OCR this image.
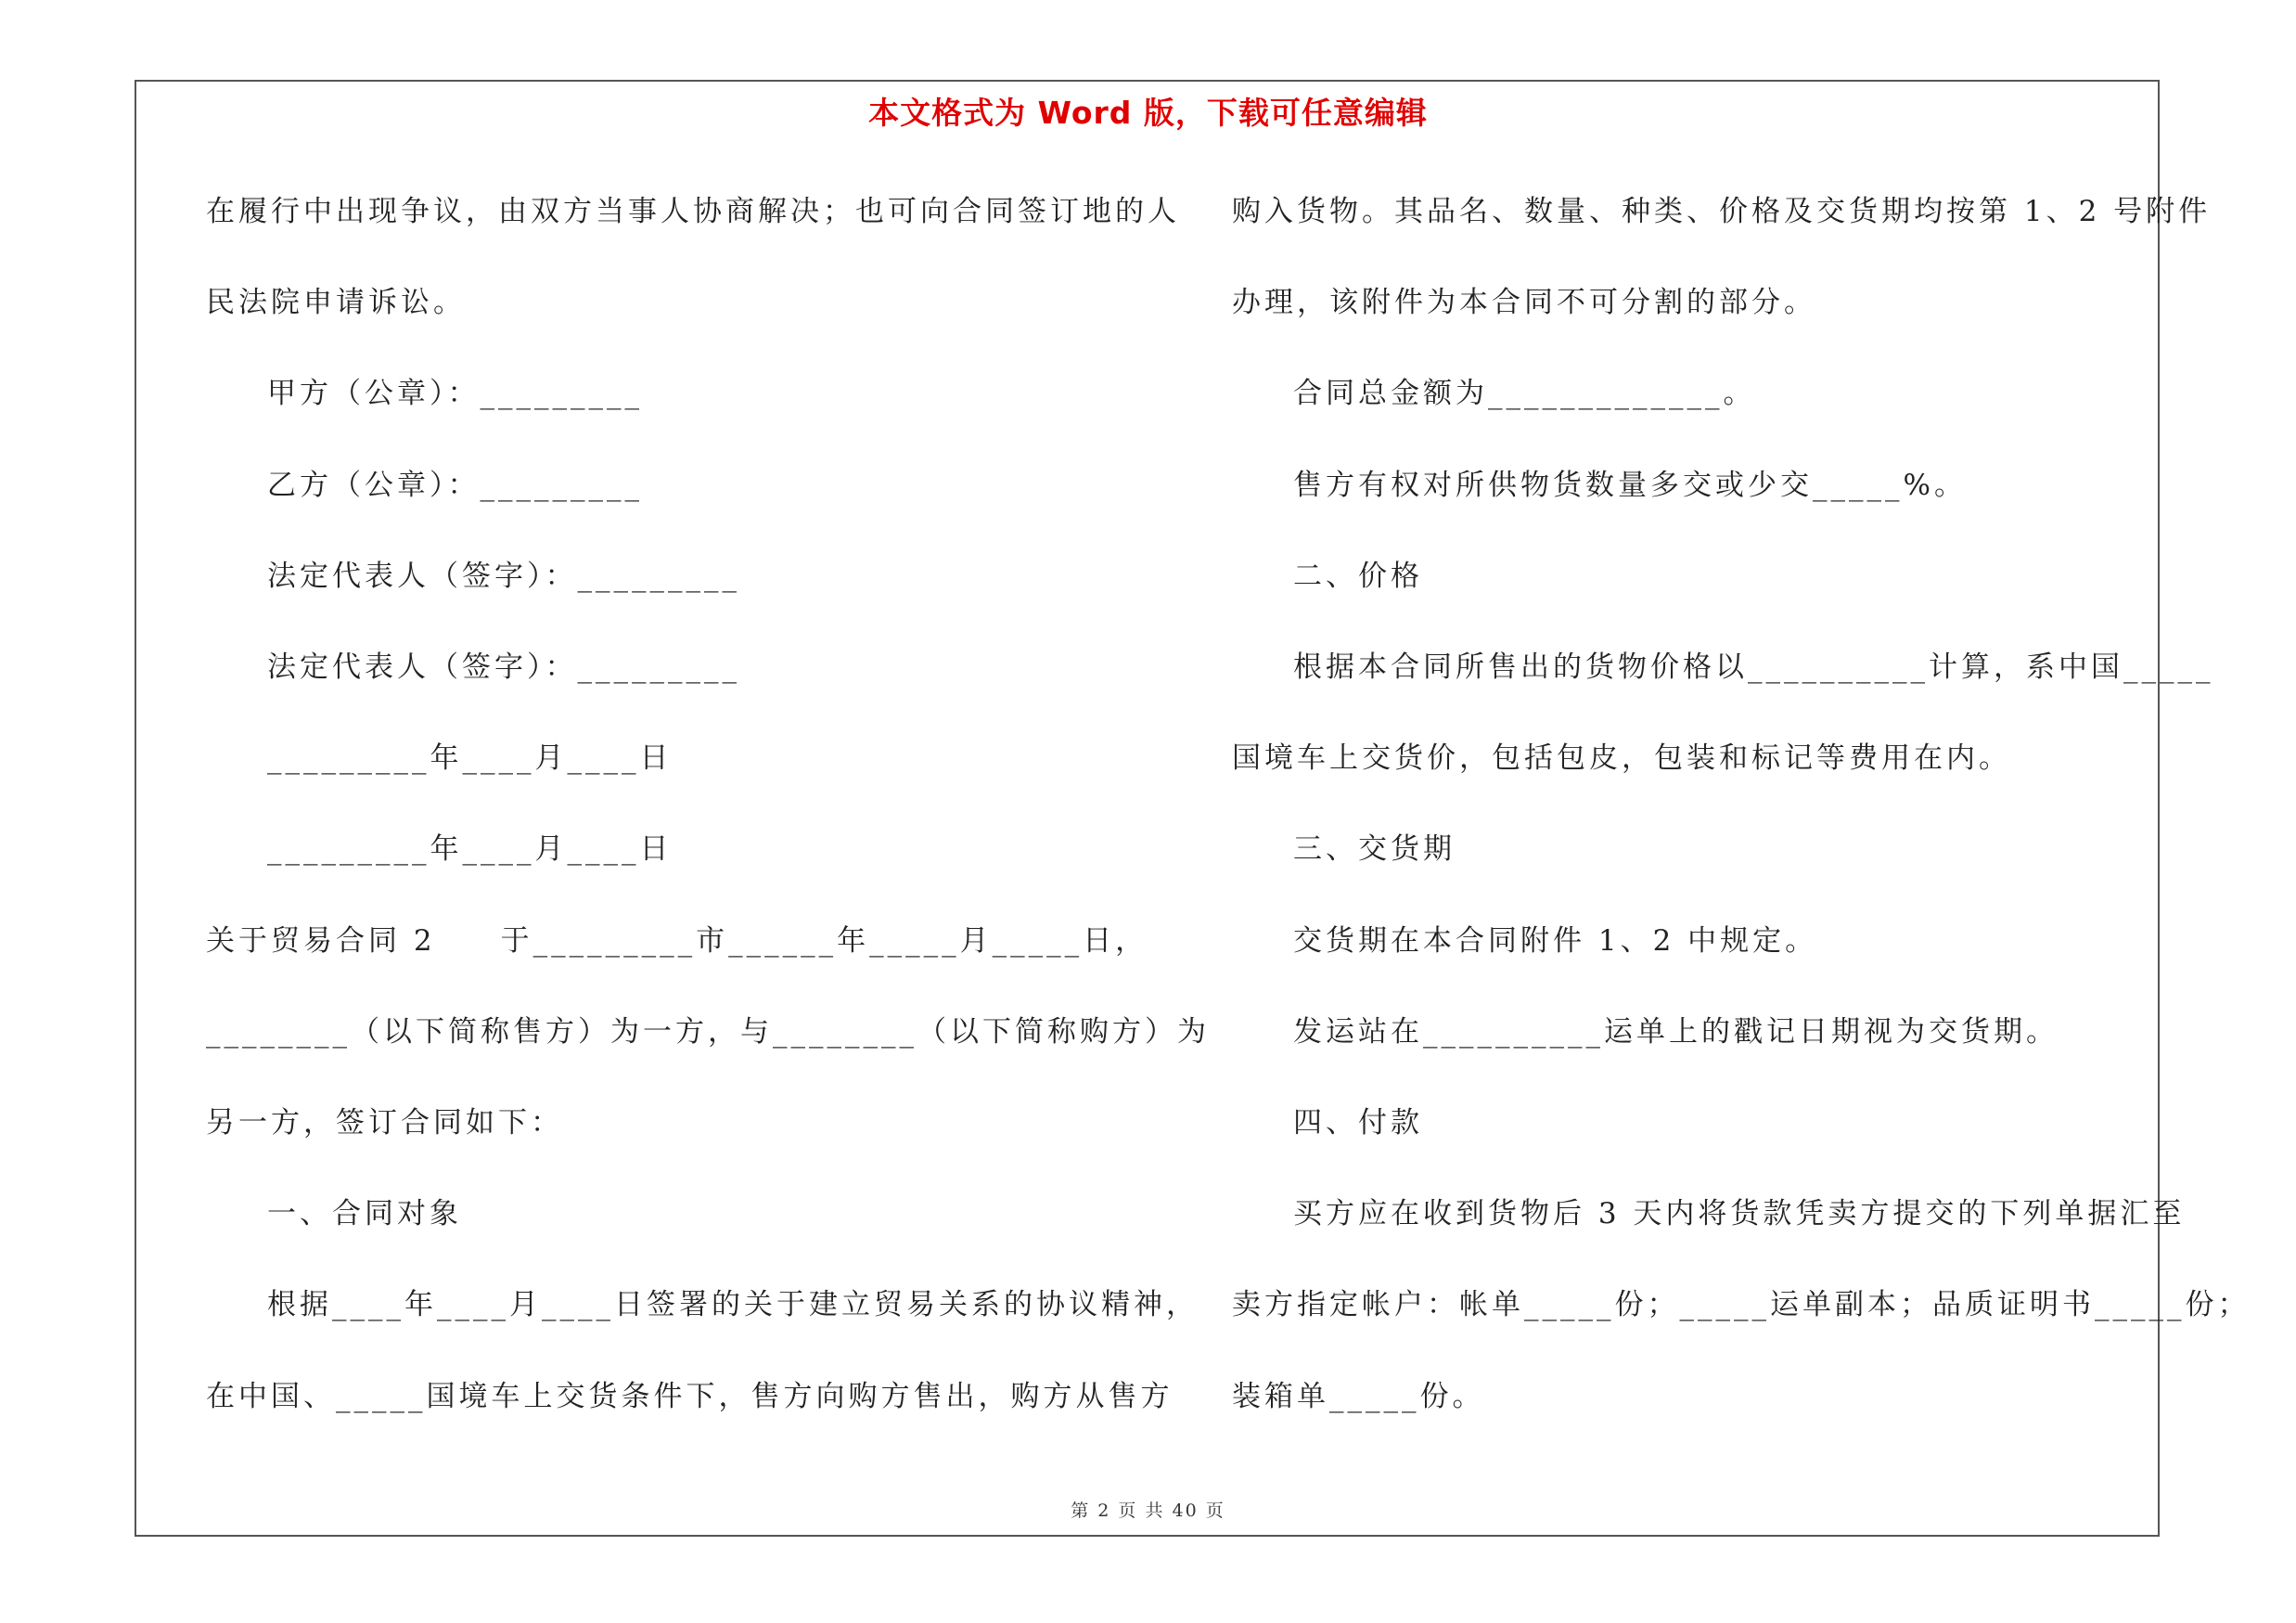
本文格式为 Word 版，下载可任意编辑
在履行中出现争议，由双方当事人协商解决；也可向合同签订地的人
民法院申请诉讼。
甲方（公章）：_________
乙方（公章）：_________
法定代表人（签字）：_________
法定代表人（签字）：_________
_________年____月____日
_________年____月____日
关于贸易合同 2　　于_________市______年_____月_____日，
________（以下简称售方）为一方，与________（以下简称购方）为
另一方，签订合同如下：
一、合同对象
根据____年____月____日签署的关于建立贸易关系的协议精神，
在中国、_____国境车上交货条件下，售方向购方售出，购方从售方
购入货物。其品名、数量、种类、价格及交货期均按第 1、2 号附件
办理，该附件为本合同不可分割的部分。
合同总金额为_____________。
售方有权对所供物货数量多交或少交_____%。
二、价格
根据本合同所售出的货物价格以__________计算，系中国_____
国境车上交货价，包括包皮，包装和标记等费用在内。
三、交货期
交货期在本合同附件 1、2 中规定。
发运站在__________运单上的戳记日期视为交货期。
四、付款
买方应在收到货物后 3 天内将货款凭卖方提交的下列单据汇至
卖方指定帐户：帐单_____份；_____运单副本；品质证明书_____份；
装箱单_____份。
第 2 页 共 40 页
